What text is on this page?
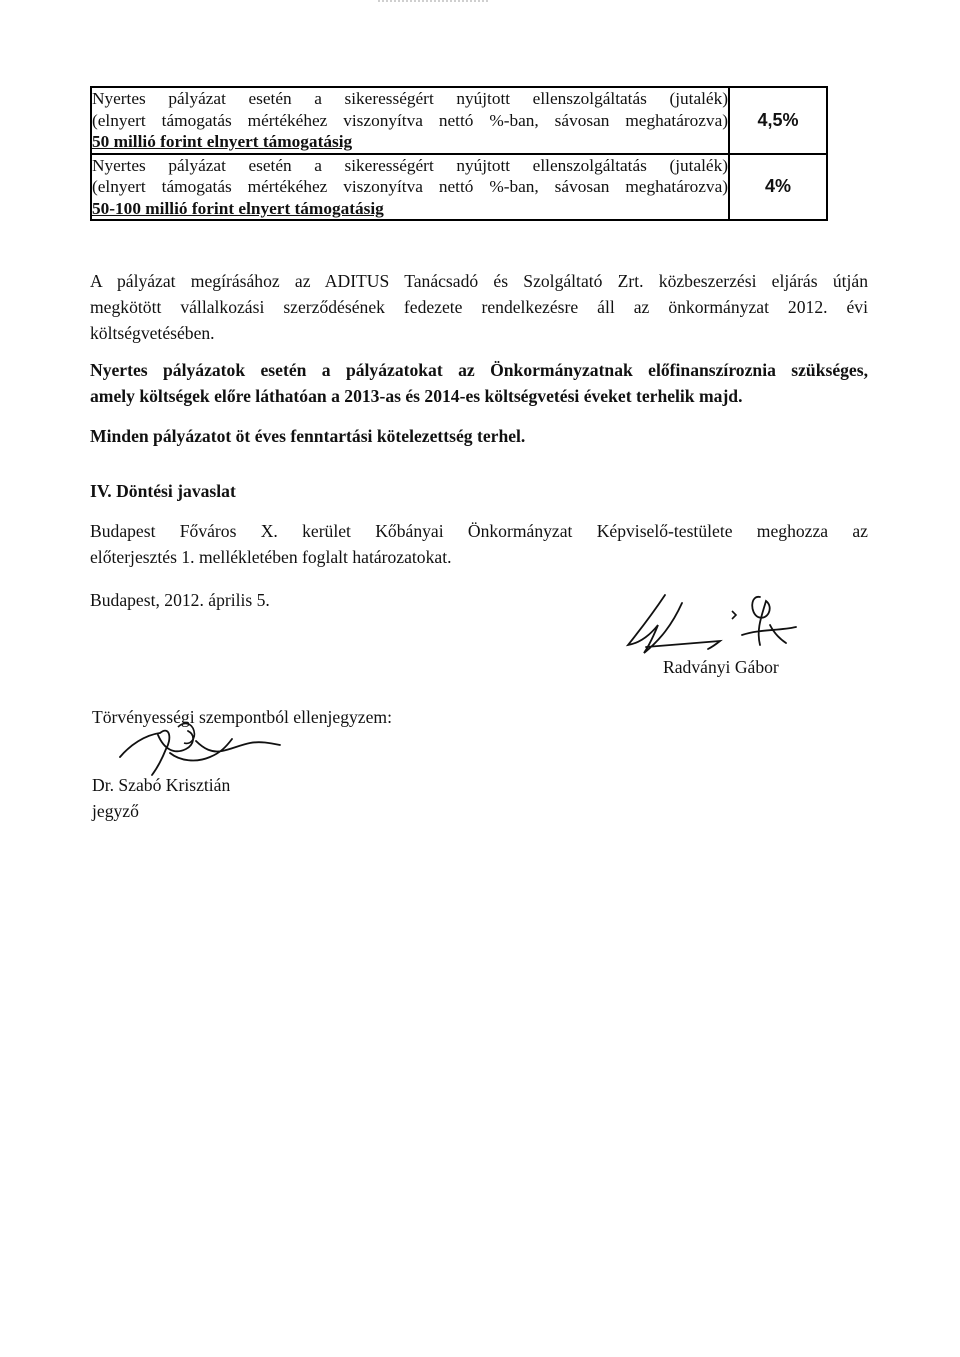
Nyertes pályázat esetén a sikerességért nyújtott ellenszolgáltatás (jutalék)
(elnyert támogatás mértékéhez viszonyítva nettó %-ban, sávosan meghatározva)
50 millió forint elnyert támogatásig	4,5%

Nyertes pályázat esetén a sikerességért nyújtott ellenszolgáltatás (jutalék)
(elnyert támogatás mértékéhez viszonyítva nettó %-ban, sávosan meghatározva)
50-100 millió forint elnyert támogatásig	4%
A pályázat megírásához az ADITUS Tanácsadó és Szolgáltató Zrt. közbeszerzési eljárás útján
megkötött vállalkozási szerződésének fedezete rendelkezésre áll az önkormányzat 2012. évi
költségvetésében.
Nyertes pályázatok esetén a pályázatokat az Önkormányzatnak előfinanszíroznia szükséges,
amely költségek előre láthatóan a 2013-as és 2014-es költségvetési éveket terhelik majd.
Minden pályázatot öt éves fenntartási kötelezettség terhel.
IV. Döntési javaslat
Budapest Főváros X. kerület Kőbányai Önkormányzat Képviselő-testülete meghozza az
előterjesztés 1. mellékletében foglalt határozatokat.
Budapest, 2012. április 5.
Radványi Gábor
Törvényességi szempontból ellenjegyzem:
Dr. Szabó Krisztián
jegyző
